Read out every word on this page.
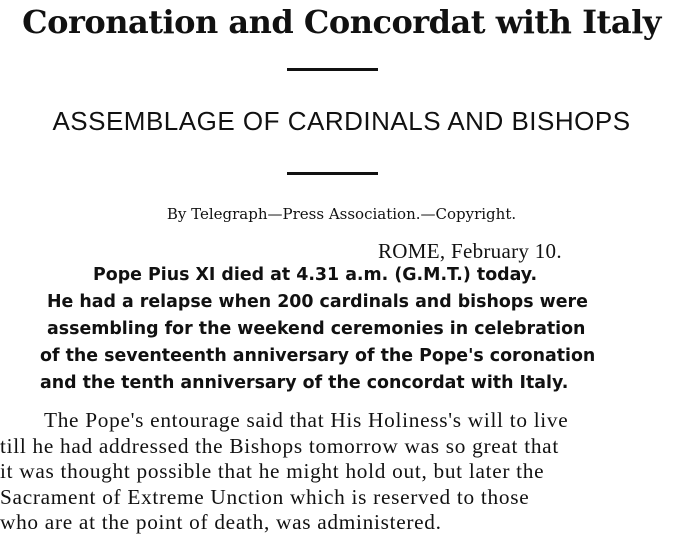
Coronation and Concordat with Italy
ASSEMBLAGE OF CARDINALS AND BISHOPS
By Telegraph—Press Association.—Copyright.
ROME, February 10.
Pope Pius XI died at 4.31 a.m. (G.M.T.) today.
He had a relapse when 200 cardinals and bishops were
assembling for the weekend ceremonies in celebration
of the seventeenth anniversary of the Pope's coronation
and the tenth anniversary of the concordat with Italy.
The Pope's entourage said that His Holiness's will to live
till he had addressed the Bishops tomorrow was so great that
it was thought possible that he might hold out, but later the
Sacrament of Extreme Unction which is reserved to those
who are at the point of death, was administered.
